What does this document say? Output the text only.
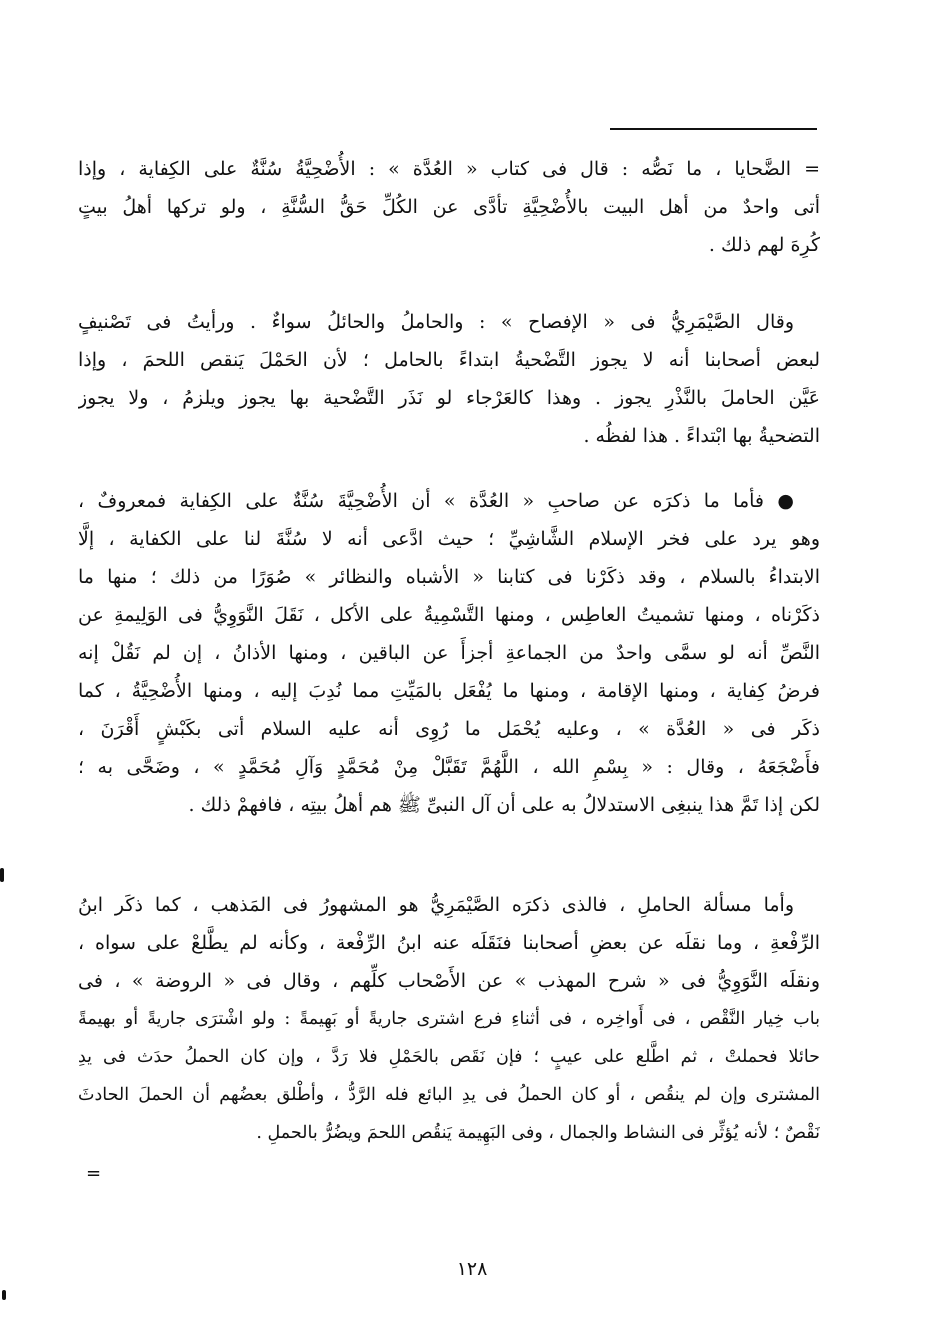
= الضَّحايا ، ما نَصُّه : قال فى كتاب « العُدَّة » : الأُضْحِيَّةُ سُنَّةٌ على الكِفاية ، وإذا
أتى واحدٌ من أهل البيت بالأُضْحِيَّةِ تأدَّى عن الكُلِّ حَقُّ السُّنَّةِ ، ولو تركها أهلُ بيتٍ
كُرِهَ لهم ذلك .
وقال الصَّيْمَرِيُّ فى « الإفصاح » : والحاملُ والحائلُ سواءٌ . ورأيتُ فى تَصْنيفٍ
لبعض أصحابنا أنه لا يجوز التَّضْحيةُ ابتداءً بالحامل ؛ لأن الحَمْلَ يَنقص اللحمَ ، وإذا
عَيَّن الحاملَ بالنَّذْرِ يجوز . وهذا كالعَرْجاء لو نَذَر التَّضْحية بها يجوز ويلزمُ ، ولا يجوز
التضحيةُ بها ابْتداءً . هذا لفظُه .
● فأما ما ذكرَه عن صاحبِ « العُدَّة » أن الأُضْحِيَّةَ سُنَّةٌ على الكِفاية فمعروفٌ ،
وهو يرد على فخر الإسلام الشَّاشِيِّ ؛ حيث ادَّعى أنه لا سُنَّةَ لنا على الكفاية ، إلَّا
الابتداءُ بالسلام ، وقد ذكَرْنا فى كتابنا « الأشباه والنظائر » صُوَرًا من ذلك ؛ منها ما
ذكَرْناه ، ومنها تشميتُ العاطِس ، ومنها التَّسْمِيةُ على الأكل ، نَقَلَ النَّوَوِيُّ فى الوَلِيمةِ عن
النَّصِّ أنه لو سمَّى واحدٌ من الجماعةِ أجزأَ عن الباقين ، ومنها الأذانُ ، إن لم نَقُلْ إنه
فرضُ كِفاية ، ومنها الإقامة ، ومنها ما يُفْعَل بالمَيِّتِ مما نُدِبَ إليه ، ومنها الأُضْحِيَّةُ ، كما
ذكَر فى « العُدَّة » ، وعليه يُحْمَل ما رُوِى أنه عليه السلام أتى بكَبْشٍ أَقْرَنَ ،
فأَضْجَعَهُ ، وقال : « بِسْمِ الله ، اللَّهُمَّ تَقَبَّلْ مِنْ مُحَمَّدٍ وَآلِ مُحَمَّدٍ » ، وضَحَّى به ؛
لكن إذا تَمَّ هذا ينبغِى الاستدلالُ به على أن آل النبىِّ ﷺ هم أهلُ بيتِه ، فافهمْ ذلك .
وأما مسألة الحاملِ ، فالذى ذكرَه الصَّيْمَرِيُّ هو المشهورُ فى المَذهب ، كما ذكَر ابنُ
الرِّفْعةِ ، وما نقلَه عن بعضِ أصحابنا فنَقَلَه عنه ابنُ الرِّفْعة ، وكأنه لم يطَّلعْ على سواه ،
ونقلَه النَّوَوِيُّ فى « شرح المهذب » عن الأَصْحاب كلِّهم ، وقال فى « الروضة » ، فى
باب خِيار النَّقْص ، فى أَواخِره ، فى أثناءِ فرع اشترى جاريةً أو بَهِيمةً : ولو اشْترَى جاريةً أو بهيمةً
حائلا فحملتْ ، ثم اطَّلع على عيبٍ ؛ فإن نَقَص بالحَمْلِ فلا رَدَّ ، وإن كان الحملُ حدَث فى يدِ
المشترى وإن لم ينقُص ، أو كان الحملُ فى يدِ البائع فله الرَّدُّ ، وأطْلق بعضُهم أن الحملَ الحادثَ
نَقْصٌ ؛ لأنه يُؤثِّر فى النشاط والجمال ، وفى البَهِيمة يَنقُص اللحمَ ويضُرُّ بالحملِ .
=
١٢٨
